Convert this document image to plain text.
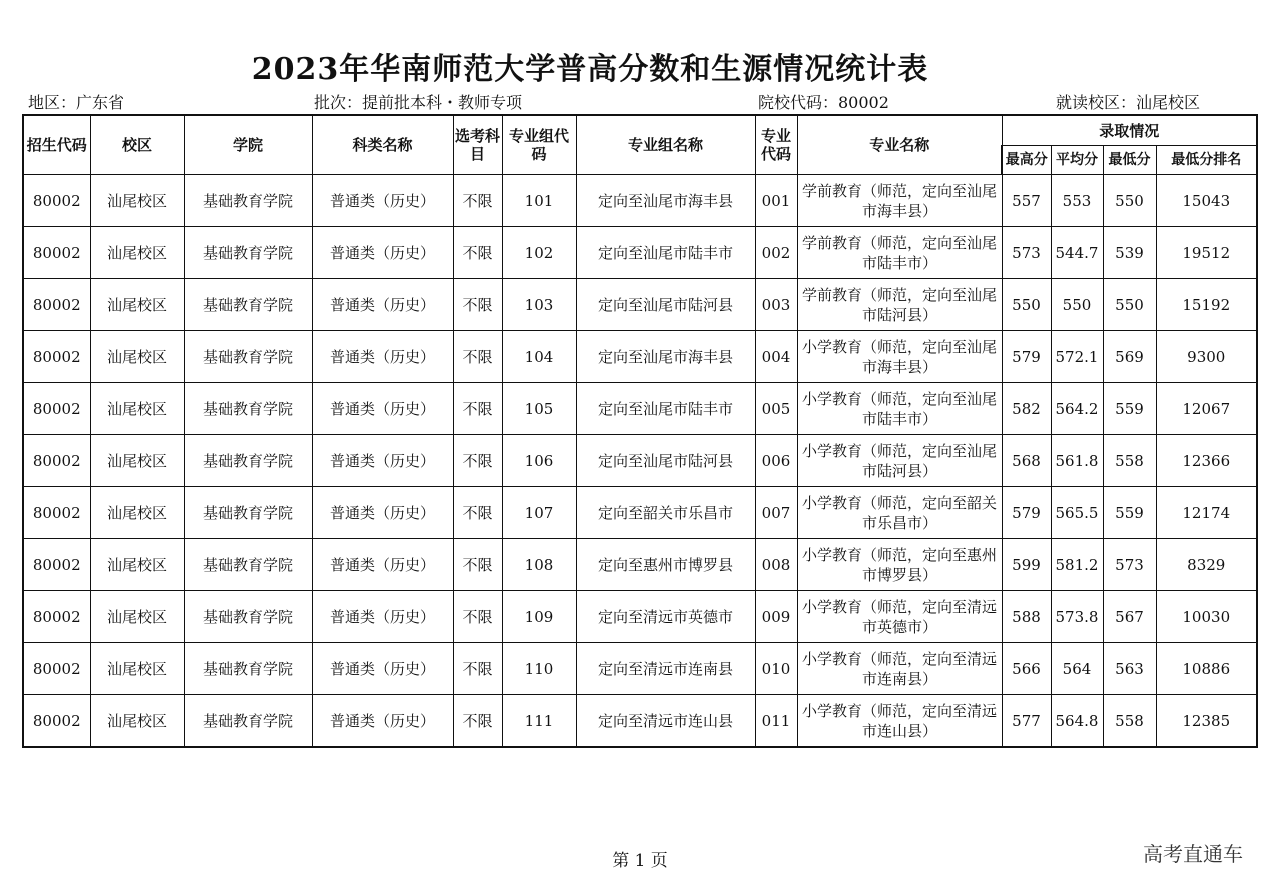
2023年华南师范大学普高分数和生源情况统计表
地区：广东省	批次：提前批本科・教师专项	院校代码：80002	就读校区：汕尾校区
招生代码	校区	学院	科类名称	选考科目	专业组代码	专业组名称	专业代码	专业名称	录取情况			
									最高分	平均分	最低分	最低分排名
80002	汕尾校区	基础教育学院	普通类（历史）	不限	101	定向至汕尾市海丰县	001	学前教育（师范，定向至汕尾市海丰县）	557	553	550	15043
80002	汕尾校区	基础教育学院	普通类（历史）	不限	102	定向至汕尾市陆丰市	002	学前教育（师范，定向至汕尾市陆丰市）	573	544.7	539	19512
80002	汕尾校区	基础教育学院	普通类（历史）	不限	103	定向至汕尾市陆河县	003	学前教育（师范，定向至汕尾市陆河县）	550	550	550	15192
80002	汕尾校区	基础教育学院	普通类（历史）	不限	104	定向至汕尾市海丰县	004	小学教育（师范，定向至汕尾市海丰县）	579	572.1	569	9300
80002	汕尾校区	基础教育学院	普通类（历史）	不限	105	定向至汕尾市陆丰市	005	小学教育（师范，定向至汕尾市陆丰市）	582	564.2	559	12067
80002	汕尾校区	基础教育学院	普通类（历史）	不限	106	定向至汕尾市陆河县	006	小学教育（师范，定向至汕尾市陆河县）	568	561.8	558	12366
80002	汕尾校区	基础教育学院	普通类（历史）	不限	107	定向至韶关市乐昌市	007	小学教育（师范，定向至韶关市乐昌市）	579	565.5	559	12174
80002	汕尾校区	基础教育学院	普通类（历史）	不限	108	定向至惠州市博罗县	008	小学教育（师范，定向至惠州市博罗县）	599	581.2	573	8329
80002	汕尾校区	基础教育学院	普通类（历史）	不限	109	定向至清远市英德市	009	小学教育（师范，定向至清远市英德市）	588	573.8	567	10030
80002	汕尾校区	基础教育学院	普通类（历史）	不限	110	定向至清远市连南县	010	小学教育（师范，定向至清远市连南县）	566	564	563	10886
80002	汕尾校区	基础教育学院	普通类（历史）	不限	111	定向至清远市连山县	011	小学教育（师范，定向至清远市连山县）	577	564.8	558	12385
第 1 页	高考直通车
